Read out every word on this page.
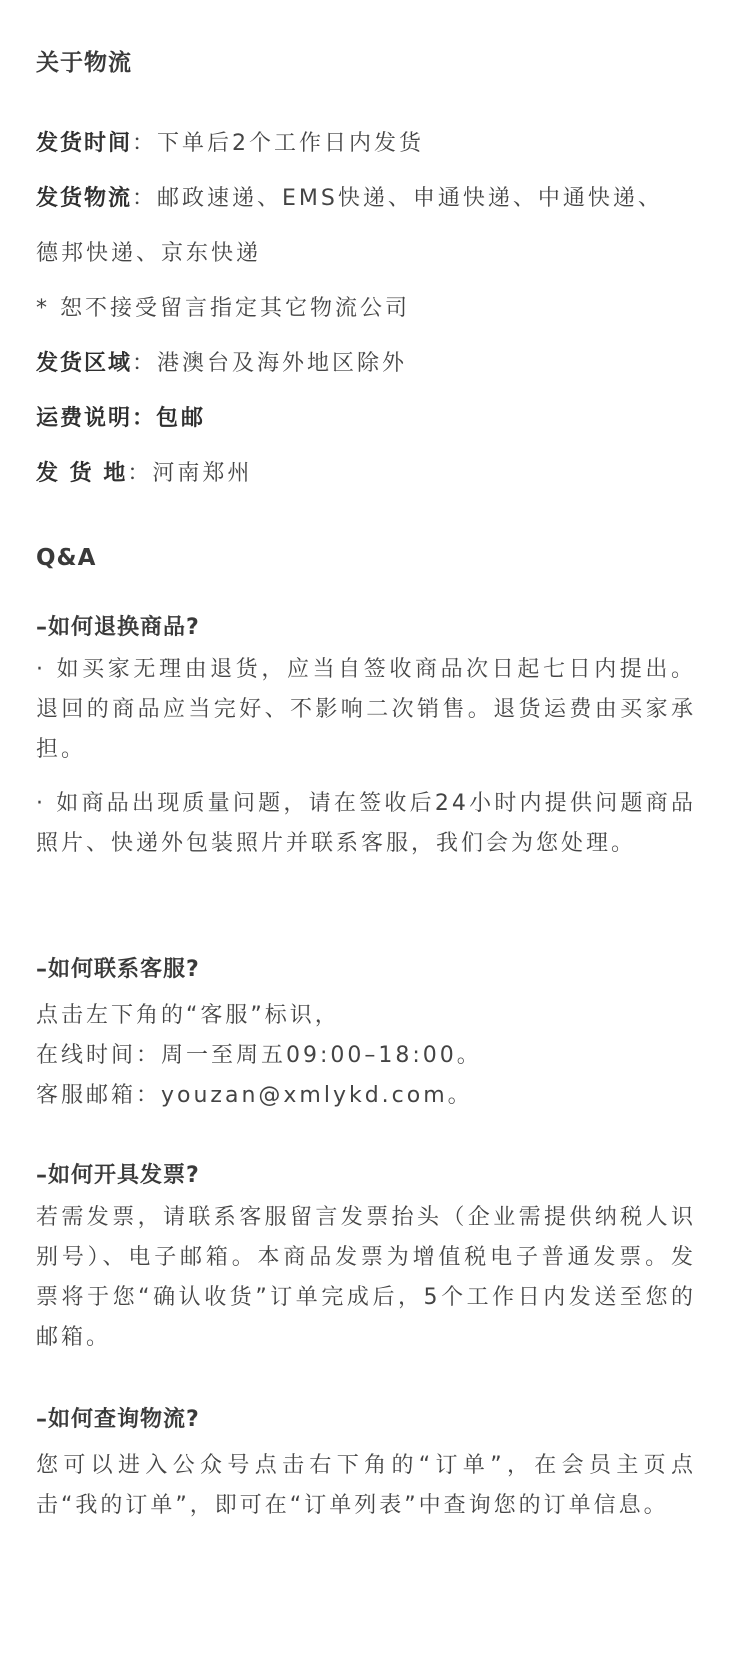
关于物流
发货时间：下单后2个工作日内发货
发货物流：邮政速递、EMS快递、申通快递、中通快递、
德邦快递、京东快递
* 恕不接受留言指定其它物流公司
发货区域：港澳台及海外地区除外
运费说明：包邮
发 货 地：河南郑州
Q&A
–如何退换商品?
· 如买家无理由退货，应当自签收商品次日起七日内提出。退回的商品应当完好、不影响二次销售。退货运费由买家承担。
· 如商品出现质量问题，请在签收后24小时内提供问题商品照片、快递外包装照片并联系客服，我们会为您处理。
–如何联系客服?
点击左下角的“客服”标识，
在线时间：周一至周五09:00–18:00。
客服邮箱：youzan@xmlykd.com。
–如何开具发票?
若需发票，请联系客服留言发票抬头（企业需提供纳税人识别号）、电子邮箱。本商品发票为增值税电子普通发票。发票将于您“确认收货”订单完成后，5个工作日内发送至您的邮箱。
–如何查询物流?
您可以进入公众号点击右下角的“订单”，在会员主页点击“我的订单”，即可在“订单列表”中查询您的订单信息。
